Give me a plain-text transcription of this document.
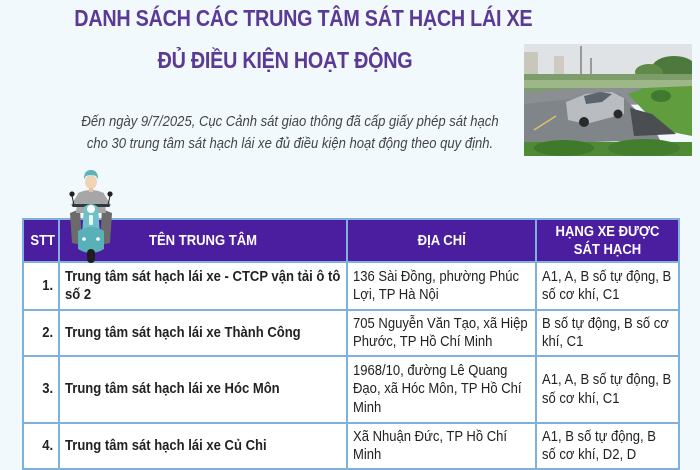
DANH SÁCH CÁC TRUNG TÂM SÁT HẠCH LÁI XE
ĐỦ ĐIỀU KIỆN HOẠT ĐỘNG
Đến ngày 9/7/2025, Cục Cảnh sát giao thông đã cấp giấy phép sát hạch
cho 30 trung tâm sát hạch lái xe đủ điều kiện hoạt động theo quy định.
STT	TÊN TRUNG TÂM	ĐỊA CHỈ	HẠNG XE ĐƯỢC SÁT HẠCH
1.	Trung tâm sát hạch lái xe - CTCP vận tải ô tô số 2	136 Sài Đồng, phường Phúc Lợi, TP Hà Nội	A1, A, B số tự động, B số cơ khí, C1
2.	Trung tâm sát hạch lái xe Thành Công	705 Nguyễn Văn Tạo, xã Hiệp Phước, TP Hồ Chí Minh	B số tự động, B số cơ khí, C1
3.	Trung tâm sát hạch lái xe Hóc Môn	1968/10, đường Lê Quang Đạo, xã Hóc Môn, TP Hồ Chí Minh	A1, A, B số tự động, B số cơ khí, C1
4.	Trung tâm sát hạch lái xe Củ Chi	Xã Nhuận Đức, TP Hồ Chí Minh	A1, B số tự động, B số cơ khí, D2, D
